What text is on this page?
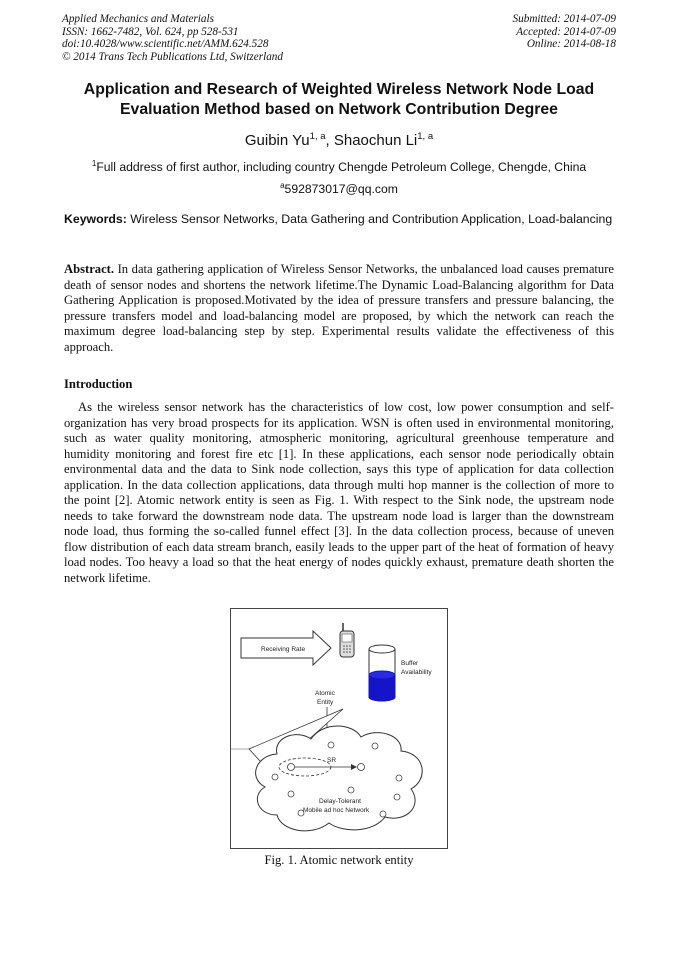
Applied Mechanics and Materials
ISSN: 1662-7482, Vol. 624, pp 528-531
doi:10.4028/www.scientific.net/AMM.624.528
© 2014 Trans Tech Publications Ltd, Switzerland
Submitted: 2014-07-09
Accepted: 2014-07-09
Online: 2014-08-18
Application and Research of Weighted Wireless Network Node Load Evaluation Method based on Network Contribution Degree
Guibin Yu$^{1, a}$, Shaochun Li$^{1, a}$
$^1$Full address of first author, including country Chengde Petroleum College, Chengde, China
$^a$592873017@qq.com
Keywords: Wireless Sensor Networks, Data Gathering and Contribution Application, Load-balancing
Abstract. In data gathering application of Wireless Sensor Networks, the unbalanced load causes premature death of sensor nodes and shortens the network lifetime.The Dynamic Load-Balancing algorithm for Data Gathering Application is proposed.Motivated by the idea of pressure transfers and pressure balancing, the pressure transfers model and load-balancing model are proposed, by which the network can reach the maximum degree load-balancing step by step. Experimental results validate the effectiveness of this approach.
Introduction
As the wireless sensor network has the characteristics of low cost, low power consumption and self-organization has very broad prospects for its application. WSN is often used in environmental monitoring, such as water quality monitoring, atmospheric monitoring, agricultural greenhouse temperature and humidity monitoring and forest fire etc [1]. In these applications, each sensor node periodically obtain environmental data and the data to Sink node collection, says this type of application for data collection application. In the data collection applications, data through multi hop manner is the collection of more to the point [2]. Atomic network entity is seen as Fig. 1. With respect to the Sink node, the upstream node needs to take forward the downstream node data. The upstream node load is larger than the downstream node load, thus forming the so-called funnel effect [3]. In the data collection process, because of uneven flow distribution of each data stream branch, easily leads to the upper part of the heat of formation of heavy load nodes. Too heavy a load so that the heat energy of nodes quickly exhaust, premature death shorten the network lifetime.
Receiving Rate
Buffer
Availability
Atomic
Entity
SR
Delay-Tolerant
Mobile ad hoc Network
Fig. 1. Atomic network entity
